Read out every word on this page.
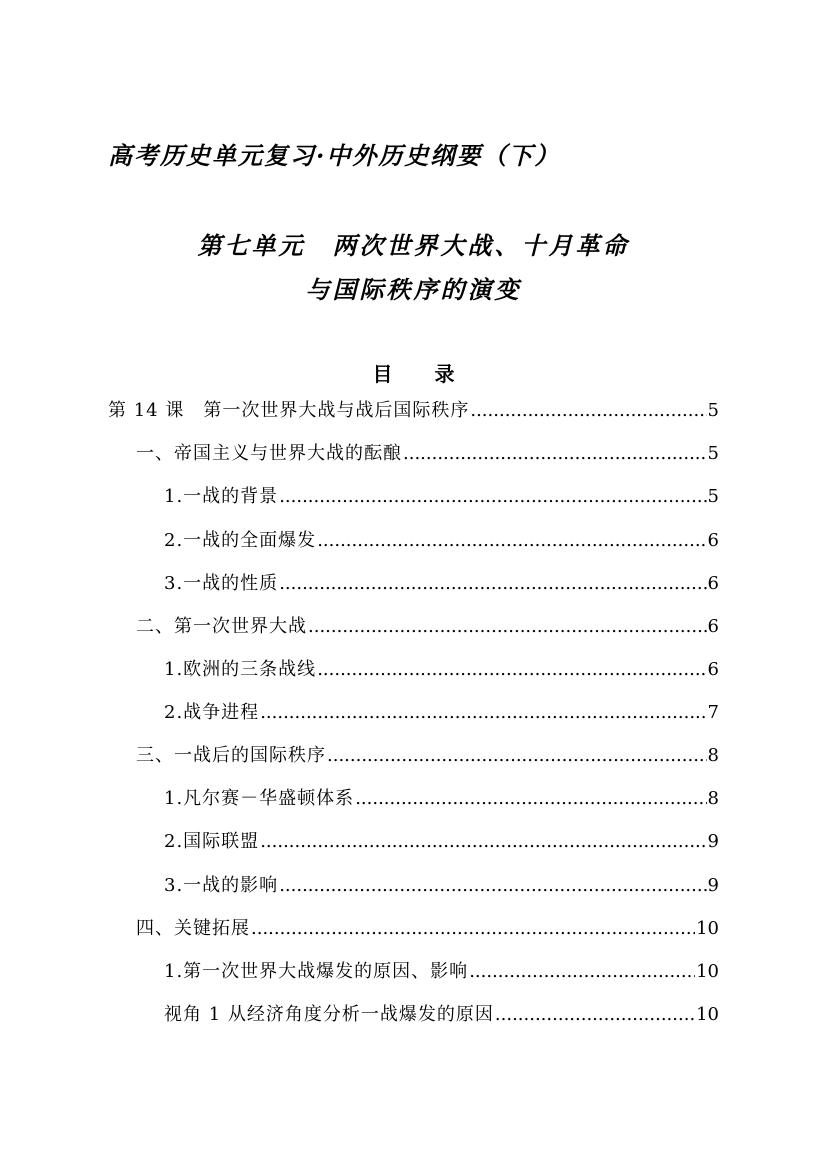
高考历史单元复习·中外历史纲要（下）
第七单元　两次世界大战、十月革命
与国际秩序的演变
目 录
第 14 课　第一次世界大战与战后国际秩序 .....	5
一、帝国主义与世界大战的酝酿 .....	5
1.一战的背景 .....	5
2.一战的全面爆发 .....	6
3.一战的性质 .....	6
二、第一次世界大战 .....	6
1.欧洲的三条战线 .....	6
2.战争进程 .....	7
三、一战后的国际秩序 .....	8
1.凡尔赛－华盛顿体系 .....	8
2.国际联盟 .....	9
3.一战的影响 .....	9
四、关键拓展 .....	10
1.第一次世界大战爆发的原因、影响 .....	10
视角 1 从经济角度分析一战爆发的原因 .....	10
